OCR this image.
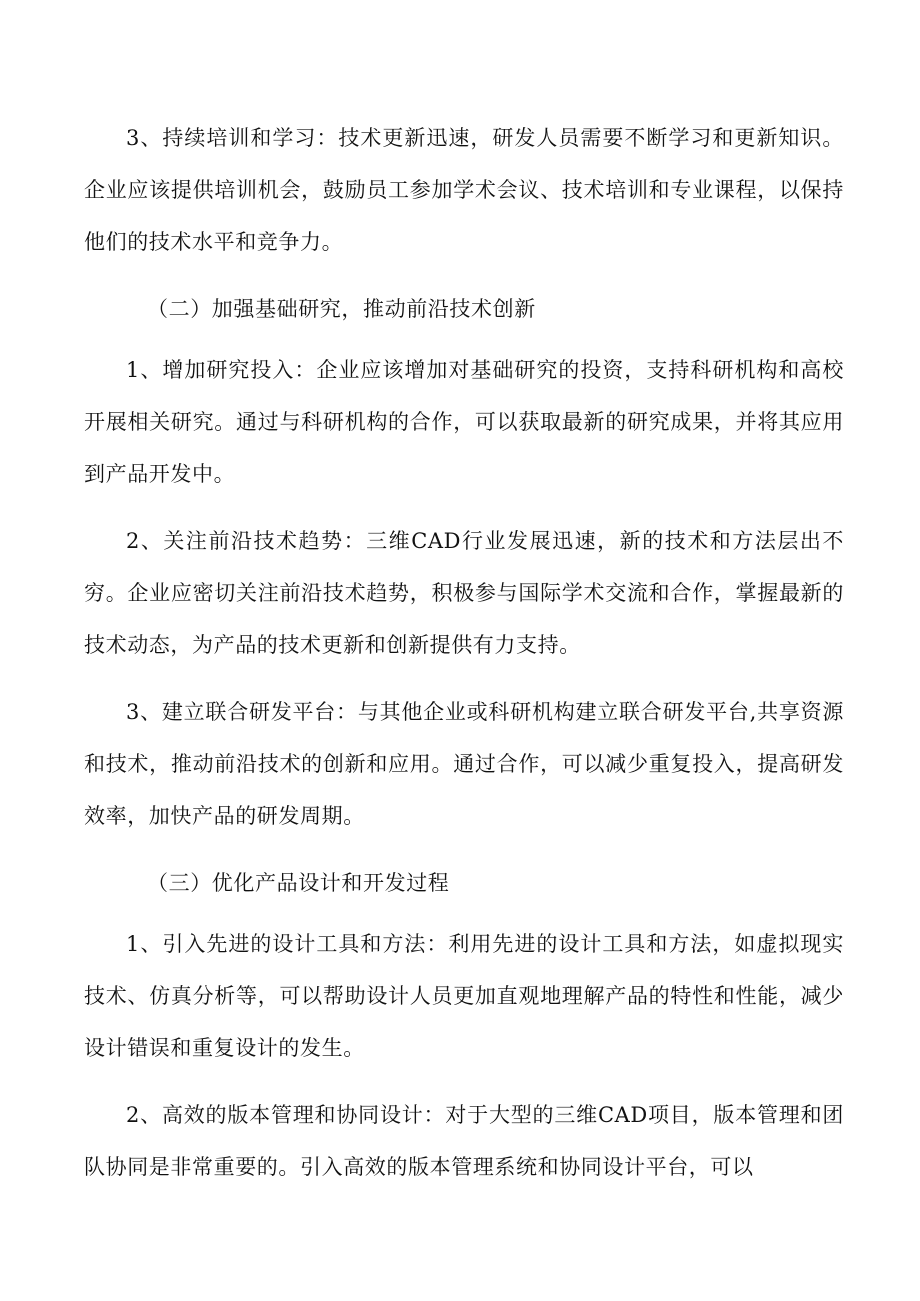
3、持续培训和学习：技术更新迅速，研发人员需要不断学习和更新知识。企业应该提供培训机会，鼓励员工参加学术会议、技术培训和专业课程，以保持他们的技术水平和竞争力。

（二）加强基础研究，推动前沿技术创新

1、增加研究投入：企业应该增加对基础研究的投资，支持科研机构和高校开展相关研究。通过与科研机构的合作，可以获取最新的研究成果，并将其应用到产品开发中。

2、关注前沿技术趋势：三维CAD行业发展迅速，新的技术和方法层出不穷。企业应密切关注前沿技术趋势，积极参与国际学术交流和合作，掌握最新的技术动态，为产品的技术更新和创新提供有力支持。

3、建立联合研发平台：与其他企业或科研机构建立联合研发平台,共享资源和技术，推动前沿技术的创新和应用。通过合作，可以减少重复投入，提高研发效率，加快产品的研发周期。

（三）优化产品设计和开发过程

1、引入先进的设计工具和方法：利用先进的设计工具和方法，如虚拟现实技术、仿真分析等，可以帮助设计人员更加直观地理解产品的特性和性能，减少设计错误和重复设计的发生。

2、高效的版本管理和协同设计：对于大型的三维CAD项目，版本管理和团队协同是非常重要的。引入高效的版本管理系统和协同设计平台，可以
